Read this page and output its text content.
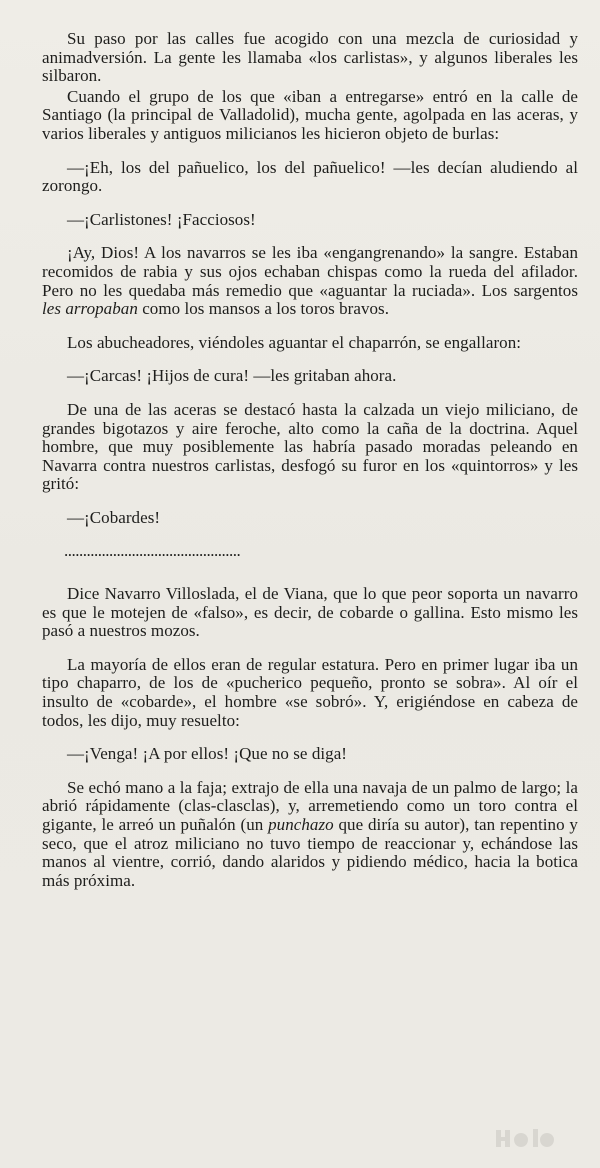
Su paso por las calles fue acogido con una mezcla de curiosidad y animadversión. La gente les llamaba «los carlistas», y algunos liberales les silbaron.

Cuando el grupo de los que «iban a entregarse» entró en la calle de Santiago (la principal de Valladolid), mucha gente, agolpada en las aceras, y varios liberales y antiguos milicianos les hicieron objeto de burlas:

—¡Eh, los del pañuelico, los del pañuelico! —les decían aludiendo al zorongo.

—¡Carlistones! ¡Facciosos!

¡Ay, Dios! A los navarros se les iba «engangrenando» la sangre. Estaban recomidos de rabia y sus ojos echaban chispas como la rueda del afilador. Pero no les quedaba más remedio que «aguantar la ruciada». Los sargentos les arropaban como los mansos a los toros bravos.

Los abucheadores, viéndoles aguantar el chaparrón, se engallaron:

—¡Carcas! ¡Hijos de cura! —les gritaban ahora.

De una de las aceras se destacó hasta la calzada un viejo miliciano, de grandes bigotazos y aire feroche, alto como la caña de la doctrina. Aquel hombre, que muy posiblemente las habría pasado moradas peleando en Navarra contra nuestros carlistas, desfogó su furor en los «quintorros» y les gritó:

—¡Cobardes!

...............................................

Dice Navarro Villoslada, el de Viana, que lo que peor soporta un navarro es que le motejen de «falso», es decir, de cobarde o gallina. Esto mismo les pasó a nuestros mozos.

La mayoría de ellos eran de regular estatura. Pero en primer lugar iba un tipo chaparro, de los de «pucherico pequeño, pronto se sobra». Al oír el insulto de «cobarde», el hombre «se sobró». Y, erigiéndose en cabeza de todos, les dijo, muy resuelto:

—¡Venga! ¡A por ellos! ¡Que no se diga!

Se echó mano a la faja; extrajo de ella una navaja de un palmo de largo; la abrió rápidamente (clas-clasclas), y, arremetiendo como un toro contra el gigante, le arreó un puñalón (un punchazo que diría su autor), tan repentino y seco, que el atroz miliciano no tuvo tiempo de reaccionar y, echándose las manos al vientre, corrió, dando alaridos y pidiendo médico, hacia la botica más próxima.
